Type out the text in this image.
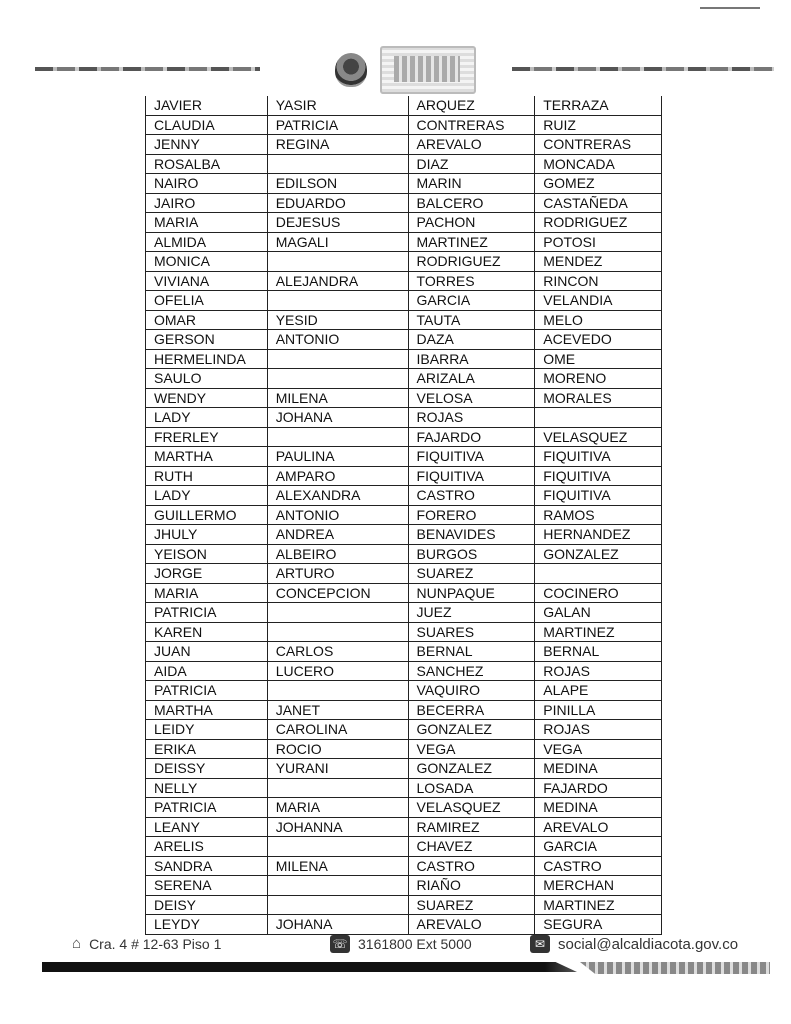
JAVIER	YASIR	ARQUEZ	TERRAZA
CLAUDIA	PATRICIA	CONTRERAS	RUIZ
JENNY	REGINA	AREVALO	CONTRERAS
ROSALBA		DIAZ	MONCADA
NAIRO	EDILSON	MARIN	GOMEZ
JAIRO	EDUARDO	BALCERO	CASTAÑEDA
MARIA	DEJESUS	PACHON	RODRIGUEZ
ALMIDA	MAGALI	MARTINEZ	POTOSI
MONICA		RODRIGUEZ	MENDEZ
VIVIANA	ALEJANDRA	TORRES	RINCON
OFELIA		GARCIA	VELANDIA
OMAR	YESID	TAUTA	MELO
GERSON	ANTONIO	DAZA	ACEVEDO
HERMELINDA		IBARRA	OME
SAULO		ARIZALA	MORENO
WENDY	MILENA	VELOSA	MORALES
LADY	JOHANA	ROJAS	
FRERLEY		FAJARDO	VELASQUEZ
MARTHA	PAULINA	FIQUITIVA	FIQUITIVA
RUTH	AMPARO	FIQUITIVA	FIQUITIVA
LADY	ALEXANDRA	CASTRO	FIQUITIVA
GUILLERMO	ANTONIO	FORERO	RAMOS
JHULY	ANDREA	BENAVIDES	HERNANDEZ
YEISON	ALBEIRO	BURGOS	GONZALEZ
JORGE	ARTURO	SUAREZ	
MARIA	CONCEPCION	NUNPAQUE	COCINERO
PATRICIA		JUEZ	GALAN
KAREN		SUARES	MARTINEZ
JUAN	CARLOS	BERNAL	BERNAL
AIDA	LUCERO	SANCHEZ	ROJAS
PATRICIA		VAQUIRO	ALAPE
MARTHA	JANET	BECERRA	PINILLA
LEIDY	CAROLINA	GONZALEZ	ROJAS
ERIKA	ROCIO	VEGA	VEGA
DEISSY	YURANI	GONZALEZ	MEDINA
NELLY		LOSADA	FAJARDO
PATRICIA	MARIA	VELASQUEZ	MEDINA
LEANY	JOHANNA	RAMIREZ	AREVALO
ARELIS		CHAVEZ	GARCIA
SANDRA	MILENA	CASTRO	CASTRO
SERENA		RIAÑO	MERCHAN
DEISY		SUAREZ	MARTINEZ
LEYDY	JOHANA	AREVALO	SEGURA
⌂ Cra. 4 # 12-63 Piso 1	☏ 3161800 Ext 5000	✉ social@alcaldiacota.gov.co
